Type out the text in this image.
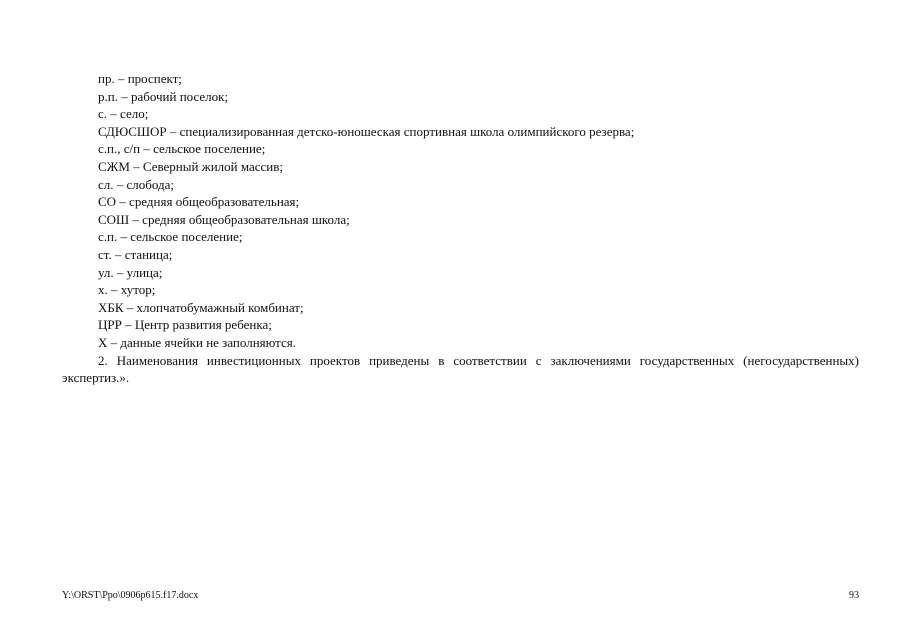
пр. – проспект;
р.п. – рабочий поселок;
с. – село;
СДЮСШОР – специализированная детско-юношеская спортивная школа олимпийского резерва;
с.п., с/п – сельское поселение;
СЖМ – Северный жилой массив;
сл. – слобода;
СО – средняя общеобразовательная;
СОШ – средняя общеобразовательная школа;
с.п. – сельское поселение;
ст. – станица;
ул. – улица;
х. – хутор;
ХБК – хлопчатобумажный комбинат;
ЦРР – Центр развития ребенка;
Х – данные ячейки не заполняются.

2. Наименования инвестиционных проектов приведены в соответствии с заключениями государственных (негосударственных) экспертиз.».

Y:\ORST\Ppo\0906p615.f17.docx	93
